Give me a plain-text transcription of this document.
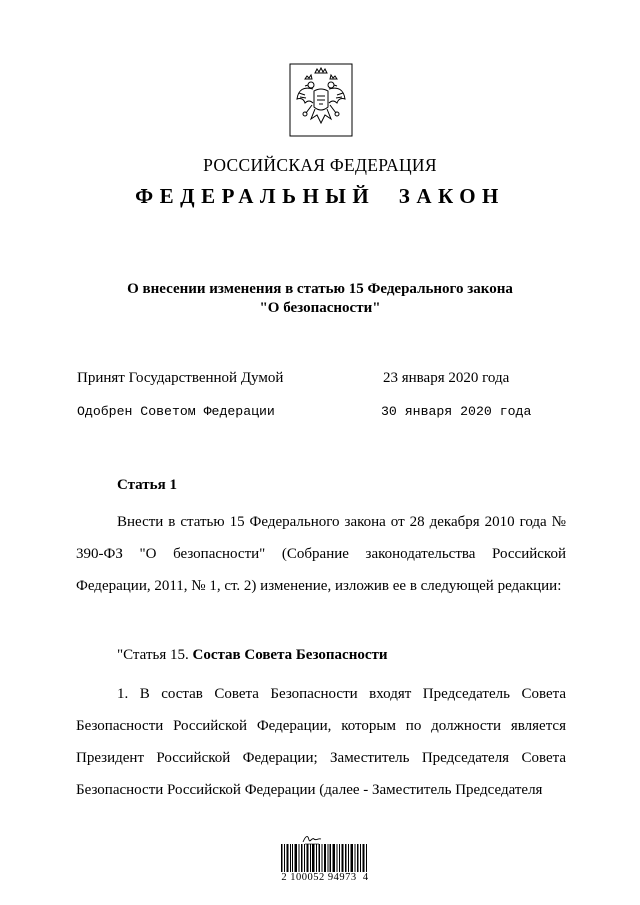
РОССИЙСКАЯ ФЕДЕРАЦИЯ
ФЕДЕРАЛЬНЫЙ  ЗАКОН
О внесении изменения в статью 15 Федерального закона
"О безопасности"
Принят Государственной Думой	23 января 2020 года
Одобрен Советом Федерации	30 января 2020 года
Статья 1
Внести в статью 15 Федерального закона от 28 декабря 2010 года № 390-ФЗ "О безопасности" (Собрание законодательства Российской Федерации, 2011, № 1, ст. 2) изменение, изложив ее в следующей редакции:
"Статья 15. Состав Совета Безопасности
1. В состав Совета Безопасности входят Председатель Совета Безопасности Российской Федерации, которым по должности является Президент Российской Федерации; Заместитель Председателя Совета Безопасности Российской Федерации (далее - Заместитель Председателя
2 100052 94973  4
